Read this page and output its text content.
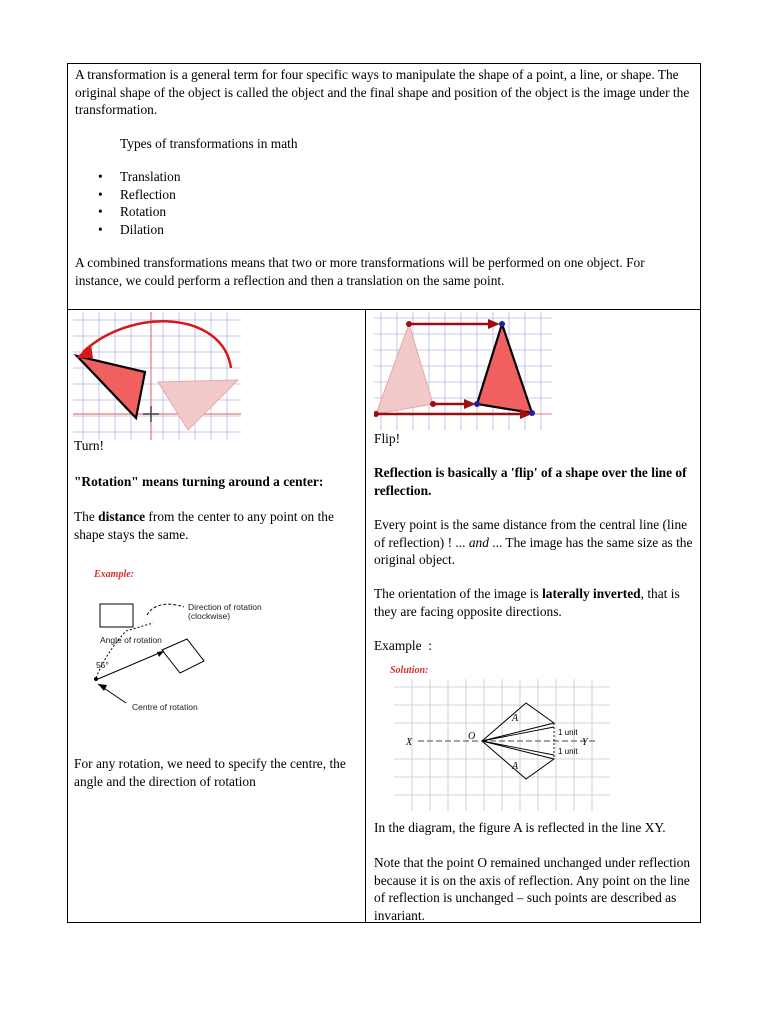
A transformation is a general term for four specific ways to manipulate the shape of a point, a line, or shape. The original shape of the object is called the object and the final shape and position of the object is the image under the transformation.

Types of transformations in math

• Translation
• Reflection
• Rotation
• Dilation

A combined transformations means that two or more transformations will be performed on one object. For instance, we could perform a reflection and then a translation on the same point.

Turn!
"Rotation" means turning around a center:
The distance from the center to any point on the shape stays the same.
Example:
Direction of rotation
(clockwise)
Angle of rotation
55°
Centre of rotation
For any rotation, we need to specify the centre, the angle and the direction of rotation
Flip!
Reflection is basically a 'flip' of a shape over the line of reflection.
Every point is the same distance from the central line (line of reflection) ! ... and ... The image has the same size as the original object.
The orientation of the image is laterally inverted, that is they are facing opposite directions.
Example  :
Solution:
X	Y
O
A
A
1 unit
1 unit
In the diagram, the figure A is reflected in the line XY.
Note that the point O remained unchanged under reflection because it is on the axis of reflection. Any point on the line of reflection is unchanged – such points are described as invariant.
